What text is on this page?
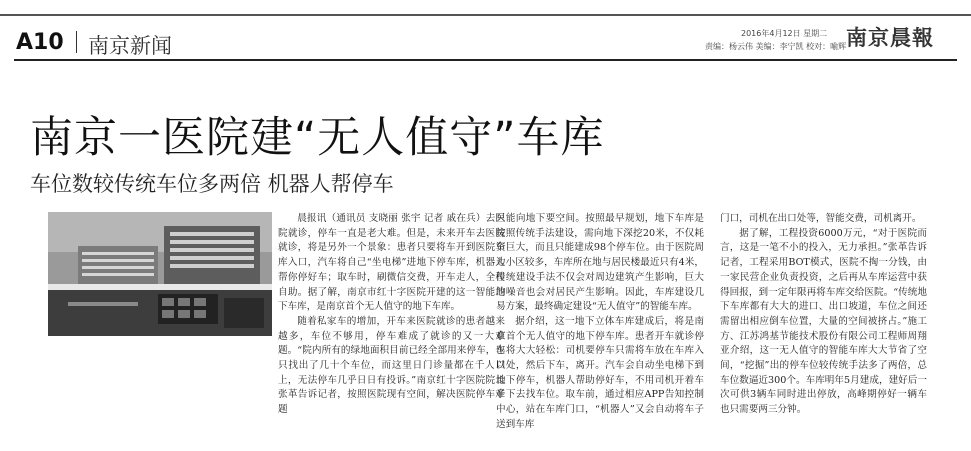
A10 南京新闻
2016年4月12日 星期二
责编：杨云伟 美编：李宁凯 校对：喻辉 南京晨報
南京一医院建“无人值守”车库
车位数较传统车位多两倍 机器人帮停车

晨报讯（通讯员 支晓丽 张宇 记者 戚在兵）去医院就诊，停车一直是老大难。但是，未来开车去医院就诊，将是另外一个景象：患者只要将车开到医院车库入口，汽车将自己“坐电梯”进地下停车库，机器人帮你停好车；取车时，刷微信交费，开车走人，全程自助。据了解，南京市红十字医院开建的这一智能地下车库，是南京首个无人值守的地下车库。

随着私家车的增加，开车来医院就诊的患者越来越多，车位不够用，停车难成了就诊的又一大难题。“院内所有的绿地面积目前已经全部用来停车，也只找出了几十个车位，而这里日门诊量都在千人以上，无法停车几乎日日有投诉。”南京红十字医院院长张革告诉记者，按照医院现有空间，解决医院停车难题

只能向地下要空间。按照最早规划，地下车库是按照传统手法建设，需向地下深挖20米，不仅耗资巨大，而且只能建成98个停车位。由于医院周边小区较多，车库所在地与居民楼最近只有4米，传统建设手法不仅会对周边建筑产生影响，巨大的噪音也会对居民产生影响。因此，车库建设几易方案，最终确定建设“无人值守”的智能车库。

据介绍，这一地下立体车库建成后，将是南京首个无人值守的地下停车库。患者开车就诊停车将大大轻松：司机要停车只需将车放在车库入口处，然后下车，离开。汽车会自动坐电梯下到地下停车，机器人帮助停好车，不用司机开着车子下去找车位。取车前，通过相应APP告知控制中心，站在车库门口，“机器人”又会自动将车子送到车库

门口，司机在出口处等，智能交费，司机离开。

据了解，工程投资6000万元，“对于医院而言，这是一笔不小的投入，无力承担。”张革告诉记者，工程采用BOT模式，医院不掏一分钱，由一家民营企业负责投资，之后再从车库运营中获得回报，到一定年限再将车库交给医院。“传统地下车库都有大大的进口、出口坡道，车位之间还需留出相应倒车位置，大量的空间被挤占。”施工方、江苏鸿基节能技术股份有限公司工程师周翔亚介绍，这一无人值守的智能车库大大节省了空间，“挖掘”出的停车位较传统手法多了两倍，总车位数逼近300个。车库明年5月建成，建好后一次可供3辆车同时进出停放，高峰期停好一辆车也只需要两三分钟。
